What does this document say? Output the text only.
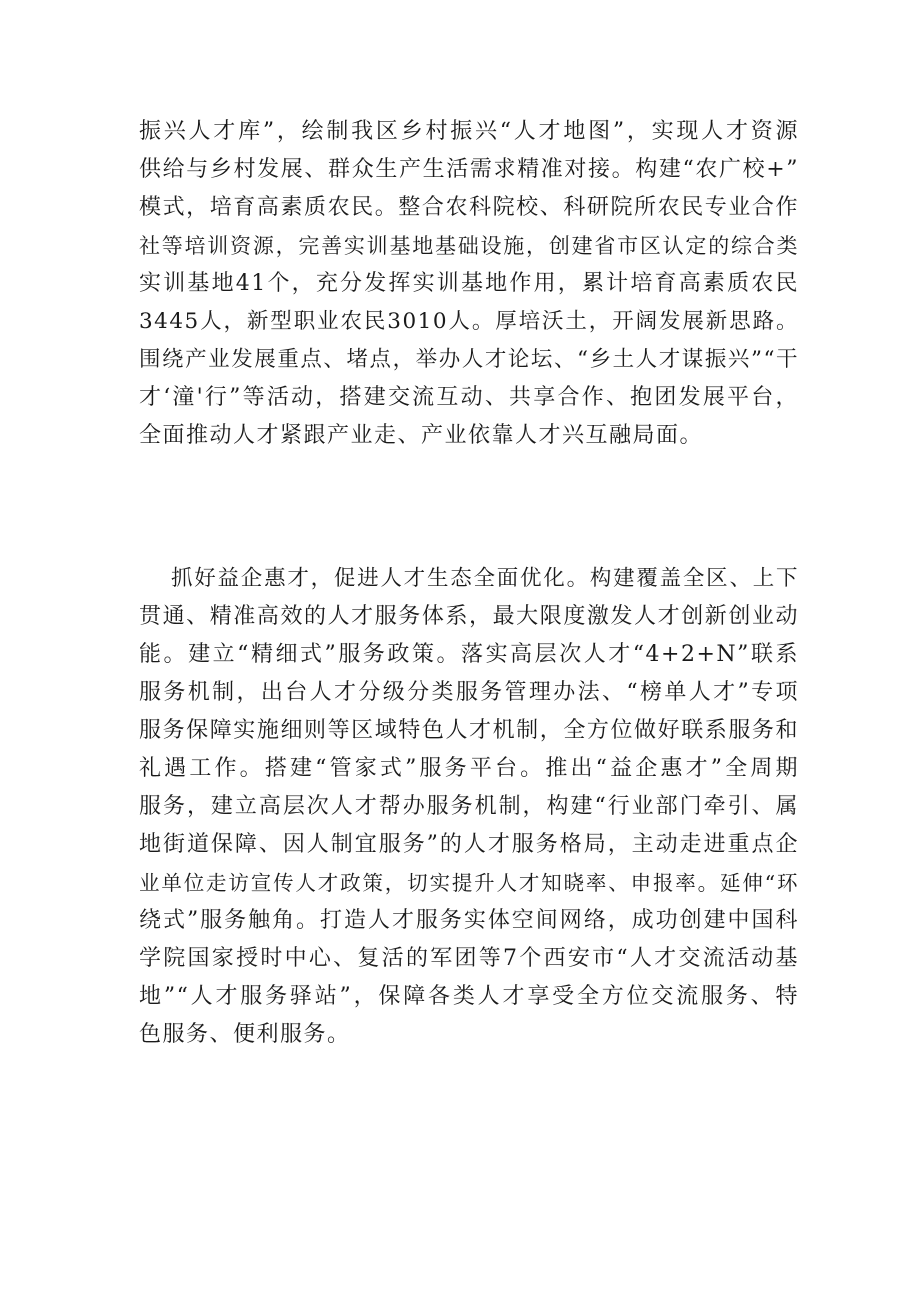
振兴人才库”，绘制我区乡村振兴“人才地图”，实现人才资源
供给与乡村发展、群众生产生活需求精准对接。构建“农广校+”
模式，培育高素质农民。整合农科院校、科研院所农民专业合作
社等培训资源，完善实训基地基础设施，创建省市区认定的综合类
实训基地41个，充分发挥实训基地作用，累计培育高素质农民
3445人，新型职业农民3010人。厚培沃土，开阔发展新思路。
围绕产业发展重点、堵点，举办人才论坛、“乡土人才谋振兴”“干
才‘潼'行”等活动，搭建交流互动、共享合作、抱团发展平台，
全面推动人才紧跟产业走、产业依靠人才兴互融局面。
抓好益企惠才，促进人才生态全面优化。构建覆盖全区、上下
贯通、精准高效的人才服务体系，最大限度激发人才创新创业动
能。建立“精细式”服务政策。落实高层次人才“4+2+N”联系
服务机制，出台人才分级分类服务管理办法、“榜单人才”专项
服务保障实施细则等区域特色人才机制，全方位做好联系服务和
礼遇工作。搭建“管家式”服务平台。推出“益企惠才”全周期
服务，建立高层次人才帮办服务机制，构建“行业部门牵引、属
地街道保障、因人制宜服务”的人才服务格局，主动走进重点企
业单位走访宣传人才政策，切实提升人才知晓率、申报率。延伸“环
绕式”服务触角。打造人才服务实体空间网络，成功创建中国科
学院国家授时中心、复活的军团等7个西安市“人才交流活动基
地”“人才服务驿站”，保障各类人才享受全方位交流服务、特
色服务、便利服务。
